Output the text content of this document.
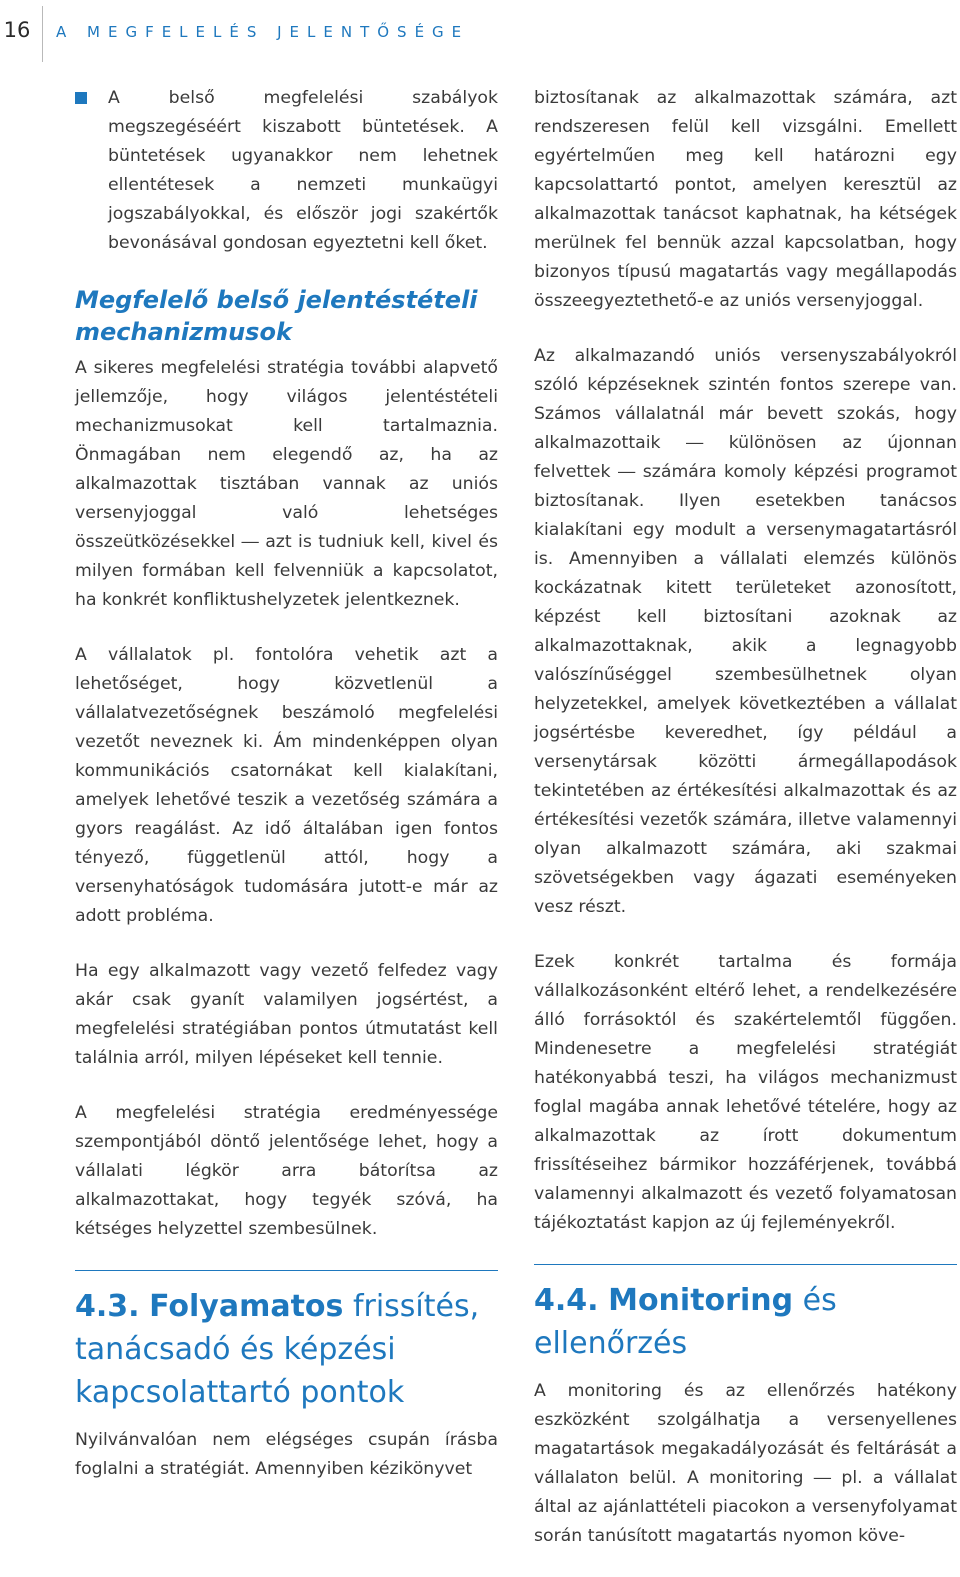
16 A MEGFELELÉS JELENTŐSÉGE
A belső megfelelési szabályok megszegéséért kiszabott büntetések. A büntetések ugyanakkor nem lehetnek ellentétesek a nemzeti munkaügyi jogszabályokkal, és először jogi szakértők bevonásával gondosan egyeztetni kell őket.
Megfelelő belső jelentéstételi mechanizmusok

A sikeres megfelelési stratégia további alapvető jellemzője, hogy világos jelentéstételi mechanizmusokat kell tartalmaznia. Önmagában nem elegendő az, ha az alkalmazottak tisztában vannak az uniós versenyjoggal való lehetséges összeütközésekkel ― azt is tudniuk kell, kivel és milyen formában kell felvenniük a kapcsolatot, ha konkrét konfliktushelyzetek jelentkeznek.

A vállalatok pl. fontolóra vehetik azt a lehetőséget, hogy közvetlenül a vállalatvezetőségnek beszámoló megfelelési vezetőt neveznek ki. Ám mindenképpen olyan kommunikációs csatornákat kell kialakítani, amelyek lehetővé teszik a vezetőség számára a gyors reagálást. Az idő általában igen fontos tényező, függetlenül attól, hogy a versenyhatóságok tudomására jutott-e már az adott probléma.

Ha egy alkalmazott vagy vezető felfedez vagy akár csak gyanít valamilyen jogsértést, a megfelelési stratégiában pontos útmutatást kell találnia arról, milyen lépéseket kell tennie.

A megfelelési stratégia eredményessége szempontjából döntő jelentősége lehet, hogy a vállalati légkör arra bátorítsa az alkalmazottakat, hogy tegyék szóvá, ha kétséges helyzettel szembesülnek.

4.3. Folyamatos frissítés, tanácsadó és képzési kapcsolattartó pontok

Nyilvánvalóan nem elégséges csupán írásba foglalni a stratégiát. Amennyiben kézikönyvet

biztosítanak az alkalmazottak számára, azt rendszeresen felül kell vizsgálni. Emellett egyértelműen meg kell határozni egy kapcsolattartó pontot, amelyen keresztül az alkalmazottak tanácsot kaphatnak, ha kétségek merülnek fel bennük azzal kapcsolatban, hogy bizonyos típusú magatartás vagy megállapodás összeegyeztethető-e az uniós versenyjoggal.

Az alkalmazandó uniós versenyszabályokról szóló képzéseknek szintén fontos szerepe van. Számos vállalatnál már bevett szokás, hogy alkalmazottaik ― különösen az újonnan felvettek ― számára komoly képzési programot biztosítanak. Ilyen esetekben tanácsos kialakítani egy modult a versenymagatartásról is. Amennyiben a vállalati elemzés különös kockázatnak kitett területeket azonosított, képzést kell biztosítani azoknak az alkalmazottaknak, akik a legnagyobb valószínűséggel szembesülhetnek olyan helyzetekkel, amelyek következtében a vállalat jogsértésbe keveredhet, így például a versenytársak közötti ármegállapodások tekintetében az értékesítési alkalmazottak és az értékesítési vezetők számára, illetve valamennyi olyan alkalmazott számára, aki szakmai szövetségekben vagy ágazati eseményeken vesz részt.

Ezek konkrét tartalma és formája vállalkozásonként eltérő lehet, a rendelkezésére álló forrásoktól és szakértelemtől függően. Mindenesetre a megfelelési stratégiát hatékonyabbá teszi, ha világos mechanizmust foglal magába annak lehetővé tételére, hogy az alkalmazottak az írott dokumentum frissítéseihez bármikor hozzáférjenek, továbbá valamennyi alkalmazott és vezető folyamatosan tájékoztatást kapjon az új fejleményekről.

4.4. Monitoring és ellenőrzés

A monitoring és az ellenőrzés hatékony eszközként szolgálhatja a versenyellenes magatartások megakadályozását és feltárását a vállalaton belül. A monitoring ― pl. a vállalat által az ajánlattételi piacokon a versenyfolyamat során tanúsított magatartás nyomon köve-
